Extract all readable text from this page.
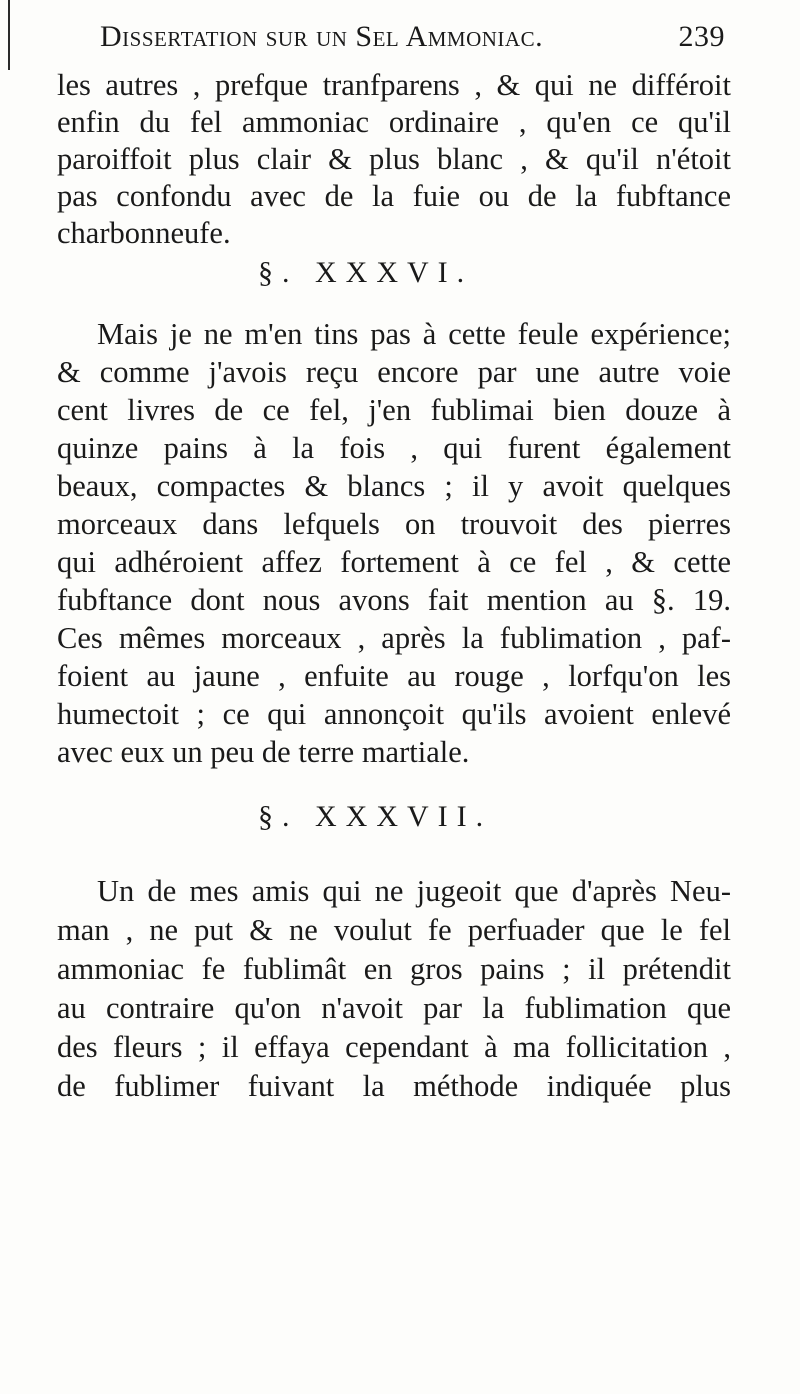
Dissertation sur un Sel Ammoniac.	239
les autres , prefque tranfparens , & qui ne différoit
enfin du fel ammoniac ordinaire , qu'en ce qu'il
paroiffoit plus clair & plus blanc , & qu'il n'étoit
pas confondu avec de la fuie ou de la fubftance
charbonneufe.
§. XXXVI.
Mais je ne m'en tins pas à cette feule expérience;
& comme j'avois reçu encore par une autre voie
cent livres de ce fel, j'en fublimai bien douze à
quinze pains à la fois , qui furent également
beaux, compactes & blancs ; il y avoit quelques
morceaux dans lefquels on trouvoit des pierres
qui adhéroient affez fortement à ce fel , & cette
fubftance dont nous avons fait mention au §. 19.
Ces mêmes morceaux , après la fublimation , paf-
foient au jaune , enfuite au rouge , lorfqu'on les
humectoit ; ce qui annonçoit qu'ils avoient enlevé
avec eux un peu de terre martiale.
§. XXXVII.
Un de mes amis qui ne jugeoit que d'après Neu-
man , ne put & ne voulut fe perfuader que le fel
ammoniac fe fublimât en gros pains ; il prétendit
au contraire qu'on n'avoit par la fublimation que
des fleurs ; il effaya cependant à ma follicitation ,
de fublimer fuivant la méthode indiquée plus
